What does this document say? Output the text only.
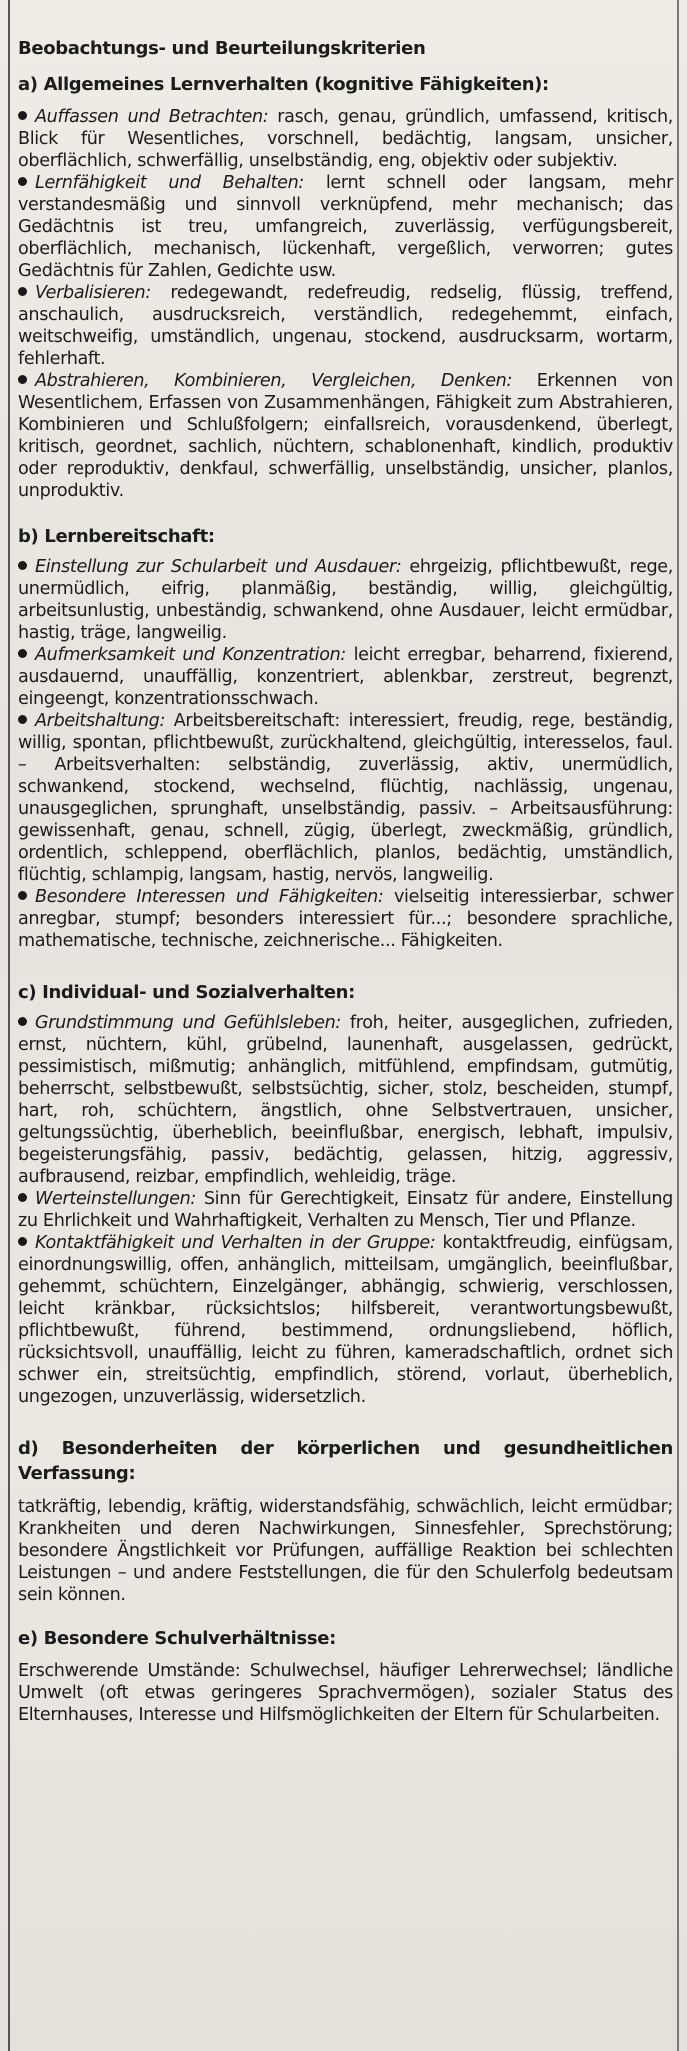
Beobachtungs- und Beurteilungskriterien
a) Allgemeines Lernverhalten (kognitive Fähigkeiten):

Auffassen und Betrachten: rasch, genau, gründlich, umfassend, kritisch, Blick für Wesentliches, vorschnell, bedächtig, langsam, unsicher, oberflächlich, schwerfällig, unselbständig, eng, objektiv oder subjektiv.

Lernfähigkeit und Behalten: lernt schnell oder langsam, mehr verstandesmäßig und sinnvoll verknüpfend, mehr mechanisch; das Gedächtnis ist treu, umfangreich, zuverlässig, verfügungsbereit, oberflächlich, mechanisch, lückenhaft, vergeßlich, verworren; gutes Gedächtnis für Zahlen, Gedichte usw.

Verbalisieren: redegewandt, redefreudig, redselig, flüssig, treffend, anschaulich, ausdrucksreich, verständlich, redegehemmt, einfach, weitschweifig, umständlich, ungenau, stockend, ausdrucksarm, wortarm, fehlerhaft.

Abstrahieren, Kombinieren, Vergleichen, Denken: Erkennen von Wesentlichem, Erfassen von Zusammenhängen, Fähigkeit zum Abstrahieren, Kombinieren und Schlußfolgern; einfallsreich, vorausdenkend, überlegt, kritisch, geordnet, sachlich, nüchtern, schablonenhaft, kindlich, produktiv oder reproduktiv, denkfaul, schwerfällig, unselbständig, unsicher, planlos, unproduktiv.

b) Lernbereitschaft:

Einstellung zur Schularbeit und Ausdauer: ehrgeizig, pflichtbewußt, rege, unermüdlich, eifrig, planmäßig, beständig, willig, gleichgültig, arbeitsunlustig, unbeständig, schwankend, ohne Ausdauer, leicht ermüdbar, hastig, träge, langweilig.

Aufmerksamkeit und Konzentration: leicht erregbar, beharrend, fixierend, ausdauernd, unauffällig, konzentriert, ablenkbar, zerstreut, begrenzt, eingeengt, konzentrationsschwach.

Arbeitshaltung: Arbeitsbereitschaft: interessiert, freudig, rege, beständig, willig, spontan, pflichtbewußt, zurückhaltend, gleichgültig, interesselos, faul. – Arbeitsverhalten: selbständig, zuverlässig, aktiv, unermüdlich, schwankend, stockend, wechselnd, flüchtig, nachlässig, ungenau, unausgeglichen, sprunghaft, unselbständig, passiv. – Arbeitsausführung: gewissenhaft, genau, schnell, zügig, überlegt, zweckmäßig, gründlich, ordentlich, schleppend, oberflächlich, planlos, bedächtig, umständlich, flüchtig, schlampig, langsam, hastig, nervös, langweilig.

Besondere Interessen und Fähigkeiten: vielseitig interessierbar, schwer anregbar, stumpf; besonders interessiert für...; besondere sprachliche, mathematische, technische, zeichnerische... Fähigkeiten.

c) Individual- und Sozialverhalten:

Grundstimmung und Gefühlsleben: froh, heiter, ausgeglichen, zufrieden, ernst, nüchtern, kühl, grübelnd, launenhaft, ausgelassen, gedrückt, pessimistisch, mißmutig; anhänglich, mitfühlend, empfindsam, gutmütig, beherrscht, selbstbewußt, selbstsüchtig, sicher, stolz, bescheiden, stumpf, hart, roh, schüchtern, ängstlich, ohne Selbstvertrauen, unsicher, geltungssüchtig, überheblich, beeinflußbar, energisch, lebhaft, impulsiv, begeisterungsfähig, passiv, bedächtig, gelassen, hitzig, aggressiv, aufbrausend, reizbar, empfindlich, wehleidig, träge.

Werteinstellungen: Sinn für Gerechtigkeit, Einsatz für andere, Einstellung zu Ehrlichkeit und Wahrhaftigkeit, Verhalten zu Mensch, Tier und Pflanze.

Kontaktfähigkeit und Verhalten in der Gruppe: kontaktfreudig, einfügsam, einordnungswillig, offen, anhänglich, mitteilsam, umgänglich, beeinflußbar, gehemmt, schüchtern, Einzelgänger, abhängig, schwierig, verschlossen, leicht kränkbar, rücksichtslos; hilfsbereit, verantwortungsbewußt, pflichtbewußt, führend, bestimmend, ordnungsliebend, höflich, rücksichtsvoll, unauffällig, leicht zu führen, kameradschaftlich, ordnet sich schwer ein, streitsüchtig, empfindlich, störend, vorlaut, überheblich, ungezogen, unzuverlässig, widersetzlich.

d) Besonderheiten der körperlichen und gesundheitlichen Verfassung:

tatkräftig, lebendig, kräftig, widerstandsfähig, schwächlich, leicht ermüdbar; Krankheiten und deren Nachwirkungen, Sinnesfehler, Sprechstörung; besondere Ängstlichkeit vor Prüfungen, auffällige Reaktion bei schlechten Leistungen – und andere Feststellungen, die für den Schulerfolg bedeutsam sein können.

e) Besondere Schulverhältnisse:

Erschwerende Umstände: Schulwechsel, häufiger Lehrerwechsel; ländliche Umwelt (oft etwas geringeres Sprachvermögen), sozialer Status des Elternhauses, Interesse und Hilfsmöglichkeiten der Eltern für Schularbeiten.
